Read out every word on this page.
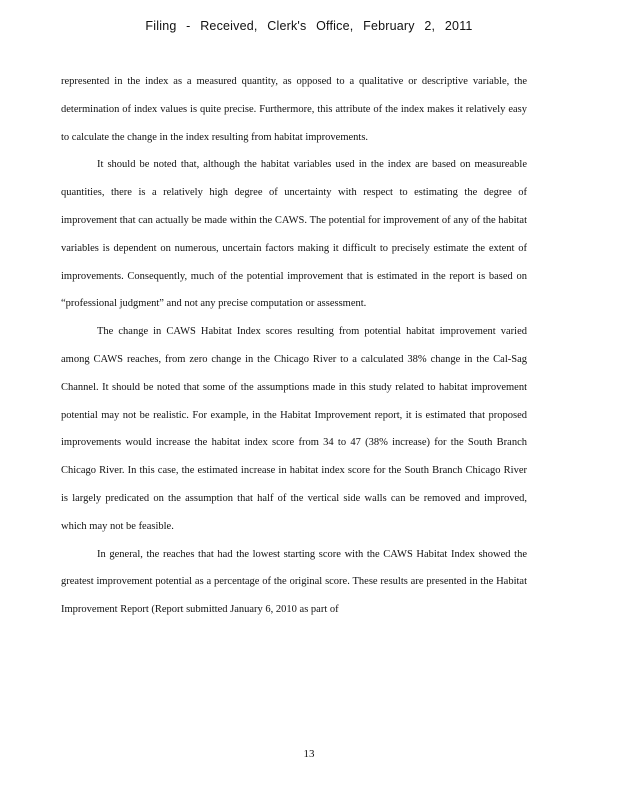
Filing - Received, Clerk's Office, February 2, 2011

represented in the index as a measured quantity, as opposed to a qualitative or descriptive variable, the determination of index values is quite precise. Furthermore, this attribute of the index makes it relatively easy to calculate the change in the index resulting from habitat improvements.

It should be noted that, although the habitat variables used in the index are based on measureable quantities, there is a relatively high degree of uncertainty with respect to estimating the degree of improvement that can actually be made within the CAWS. The potential for improvement of any of the habitat variables is dependent on numerous, uncertain factors making it difficult to precisely estimate the extent of improvements. Consequently, much of the potential improvement that is estimated in the report is based on “professional judgment” and not any precise computation or assessment.

The change in CAWS Habitat Index scores resulting from potential habitat improvement varied among CAWS reaches, from zero change in the Chicago River to a calculated 38% change in the Cal-Sag Channel. It should be noted that some of the assumptions made in this study related to habitat improvement potential may not be realistic. For example, in the Habitat Improvement report, it is estimated that proposed improvements would increase the habitat index score from 34 to 47 (38% increase) for the South Branch Chicago River. In this case, the estimated increase in habitat index score for the South Branch Chicago River is largely predicated on the assumption that half of the vertical side walls can be removed and improved, which may not be feasible.

In general, the reaches that had the lowest starting score with the CAWS Habitat Index showed the greatest improvement potential as a percentage of the original score. These results are presented in the Habitat Improvement Report (Report submitted January 6, 2010 as part of

13
